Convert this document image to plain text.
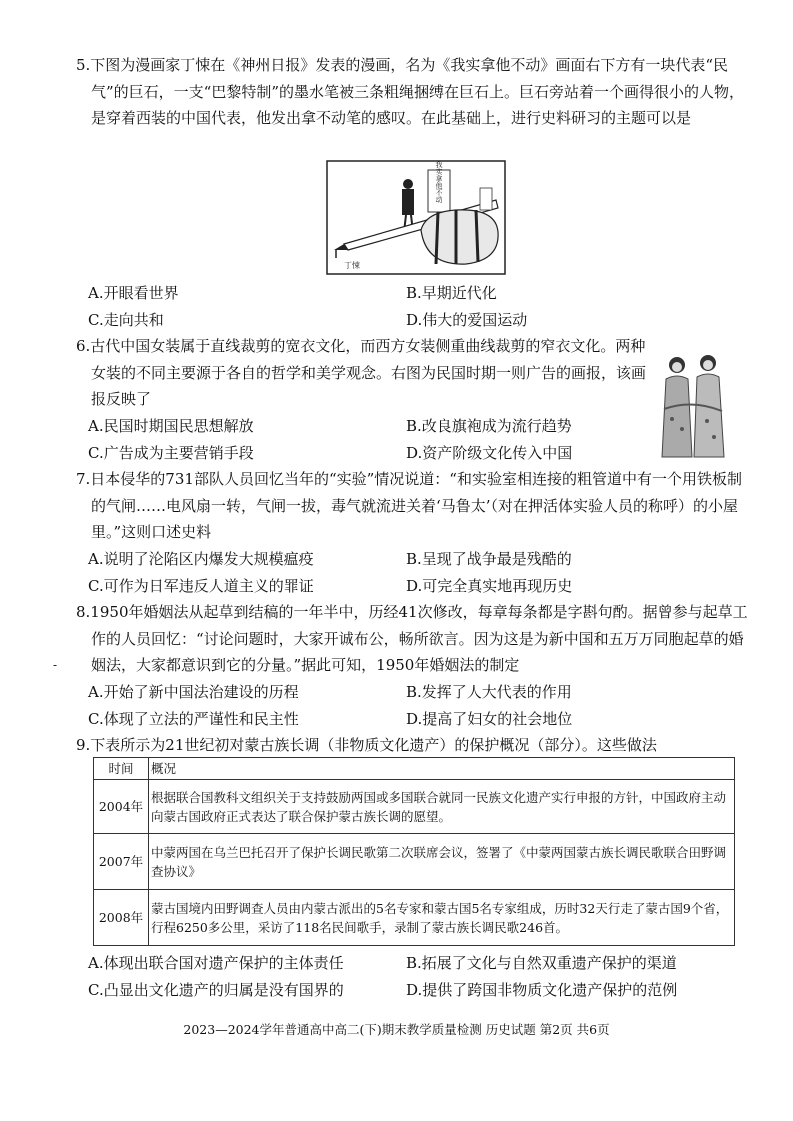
5.下图为漫画家丁悚在《神州日报》发表的漫画，名为《我实拿他不动》画面右下方有一块代表“民气”的巨石，一支“巴黎特制”的墨水笔被三条粗绳捆缚在巨石上。巨石旁站着一个画得很小的人物，是穿着西装的中国代表，他发出拿不动笔的感叹。在此基础上，进行史料研习的主题可以是

我实拿他不动
丁悚
A.开眼看世界	B.早期近代化
C.走向共和	D.伟大的爱国运动

6.古代中国女装属于直线裁剪的宽衣文化，而西方女装侧重曲线裁剪的窄衣文化。两种女装的不同主要源于各自的哲学和美学观念。右图为民国时期一则广告的画报，该画报反映了

A.民国时期国民思想解放	B.改良旗袍成为流行趋势
C.广告成为主要营销手段	D.资产阶级文化传入中国

7.日本侵华的731部队人员回忆当年的“实验”情况说道：“和实验室相连接的粗管道中有一个用铁板制的气闸……电风扇一转，气闸一拔，毒气就流进关着‘马鲁太’（对在押活体实验人员的称呼）的小屋里。”这则口述史料

A.说明了沦陷区内爆发大规模瘟疫	B.呈现了战争最是残酷的
C.可作为日军违反人道主义的罪证	D.可完全真实地再现历史

8.1950年婚姻法从起草到结稿的一年半中，历经41次修改，每章每条都是字斟句酌。据曾参与起草工作的人员回忆：“讨论问题时，大家开诚布公，畅所欲言。因为这是为新中国和五万万同胞起草的婚姻法，大家都意识到它的分量。”据此可知，1950年婚姻法的制定

-
A.开始了新中国法治建设的历程	B.发挥了人大代表的作用
C.体现了立法的严谨性和民主性	D.提高了妇女的社会地位

9.下表所示为21世纪初对蒙古族长调（非物质文化遗产）的保护概况（部分）。这些做法

时间	概况
2004年	根据联合国教科文组织关于支持鼓励两国或多国联合就同一民族文化遗产实行申报的方针，中国政府主动向蒙古国政府正式表达了联合保护蒙古族长调的愿望。
2007年	中蒙两国在乌兰巴托召开了保护长调民歌第二次联席会议，签署了《中蒙两国蒙古族长调民歌联合田野调查协议》
2008年	蒙古国境内田野调查人员由内蒙古派出的5名专家和蒙古国5名专家组成，历时32天行走了蒙古国9个省，行程6250多公里，采访了118名民间歌手，录制了蒙古族长调民歌246首。
A.体现出联合国对遗产保护的主体责任	B.拓展了文化与自然双重遗产保护的渠道
C.凸显出文化遗产的归属是没有国界的	D.提供了跨国非物质文化遗产保护的范例
2023—2024学年普通高中高二(下)期末教学质量检测 历史试题 第2页 共6页
